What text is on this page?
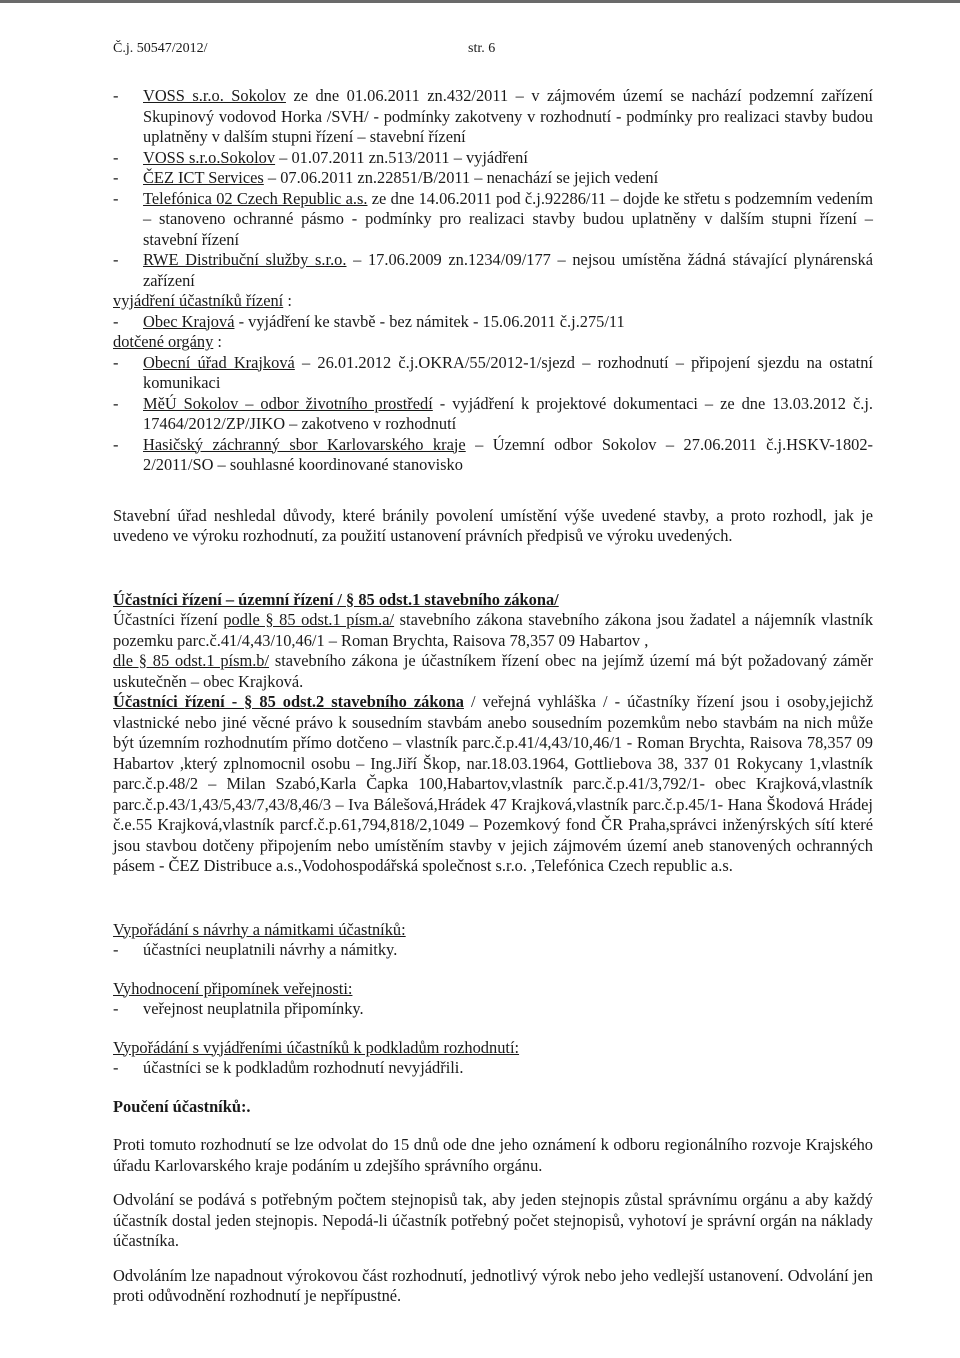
Č.j. 50547/2012/	str. 6
-	VOSS s.r.o. Sokolov ze dne 01.06.2011 zn.432/2011 – v zájmovém území se nachází podzemní zařízení Skupinový vodovod Horka /SVH/ - podmínky zakotveny v rozhodnutí - podmínky pro realizaci stavby budou uplatněny v dalším stupni řízení – stavební řízení
-	VOSS s.r.o.Sokolov – 01.07.2011 zn.513/2011 – vyjádření
-	ČEZ ICT Services – 07.06.2011 zn.22851/B/2011 – nenachází se jejich vedení
-	Telefónica 02 Czech Republic a.s. ze dne 14.06.2011 pod č.j.92286/11 – dojde ke střetu s podzemním vedením – stanoveno ochranné pásmo - podmínky pro realizaci stavby budou uplatněny v dalším stupni řízení – stavební řízení
-	RWE Distribuční služby s.r.o. – 17.06.2009 zn.1234/09/177 – nejsou umístěna žádná stávající plynárenská zařízení

vyjádření účastníků řízení :

-	Obec Krajová - vyjádření ke stavbě - bez námitek - 15.06.2011 č.j.275/11

dotčené orgány :

-	Obecní úřad Krajková – 26.01.2012 č.j.OKRA/55/2012-1/sjezd – rozhodnutí – připojení sjezdu na ostatní komunikaci
-	MěÚ Sokolov – odbor životního prostředí - vyjádření k projektové dokumentaci – ze dne 13.03.2012 č.j. 17464/2012/ZP/JIKO – zakotveno v rozhodnutí
-	Hasičský záchranný sbor Karlovarského kraje – Územní odbor Sokolov – 27.06.2011 č.j.HSKV-1802-2/2011/SO – souhlasné koordinované stanovisko

Stavební úřad neshledal důvody, které bránily povolení umístění výše uvedené stavby, a proto rozhodl, jak je uvedeno ve výroku rozhodnutí, za použití ustanovení právních předpisů ve výroku uvedených.

Účastníci řízení – územní řízení / § 85 odst.1 stavebního zákona/

Účastníci řízení podle § 85 odst.1 písm.a/ stavebního zákona stavebního zákona jsou žadatel a nájemník vlastník pozemku parc.č.41/4,43/10,46/1 – Roman Brychta, Raisova 78,357 09 Habartov ,

dle § 85 odst.1 písm.b/ stavebního zákona je účastníkem řízení obec na jejímž území má být požadovaný záměr uskutečněn – obec Krajková.

Účastníci řízení - § 85 odst.2 stavebního zákona / veřejná vyhláška / - účastníky řízení jsou i osoby,jejichž vlastnické nebo jiné věcné právo k sousedním stavbám anebo sousedním pozemkům nebo stavbám na nich může být územním rozhodnutím přímo dotčeno – vlastník parc.č.p.41/4,43/10,46/1 - Roman Brychta, Raisova 78,357 09 Habartov ,který zplnomocnil osobu – Ing.Jiří Škop, nar.18.03.1964, Gottliebova 38, 337 01 Rokycany 1,vlastník parc.č.p.48/2 – Milan Szabó,Karla Čapka 100,Habartov,vlastník parc.č.p.41/3,792/1- obec Krajková,vlastník parc.č.p.43/1,43/5,43/7,43/8,46/3 – Iva Bálešová,Hrádek 47 Krajková,vlastník parc.č.p.45/1- Hana Škodová Hrádej č.e.55 Krajková,vlastník parcf.č.p.61,794,818/2,1049 – Pozemkový fond ČR Praha,správci inženýrských sítí které jsou stavbou dotčeny připojením nebo umístěním stavby v jejich zájmovém území aneb stanovených ochranných pásem - ČEZ Distribuce a.s.,Vodohospodářská společnost s.r.o. ,Telefónica Czech republic a.s.

Vypořádání s návrhy a námitkami účastníků:

-	účastníci neuplatnili návrhy a námitky.

Vyhodnocení připomínek veřejnosti:

-	veřejnost neuplatnila připomínky.

Vypořádání s vyjádřeními účastníků k podkladům rozhodnutí:

-	účastníci se k podkladům rozhodnutí nevyjádřili.

Poučení účastníků:.

Proti tomuto rozhodnutí se lze odvolat do 15 dnů ode dne jeho oznámení k odboru regionálního rozvoje Krajského úřadu Karlovarského kraje podáním u zdejšího správního orgánu.

Odvolání se podává s potřebným počtem stejnopisů tak, aby jeden stejnopis zůstal správnímu orgánu a aby každý účastník dostal jeden stejnopis. Nepodá-li účastník potřebný počet stejnopisů, vyhotoví je správní orgán na náklady účastníka.

Odvoláním lze napadnout výrokovou část rozhodnutí, jednotlivý výrok nebo jeho vedlejší ustanovení. Odvolání jen proti odůvodnění rozhodnutí je nepřípustné.
